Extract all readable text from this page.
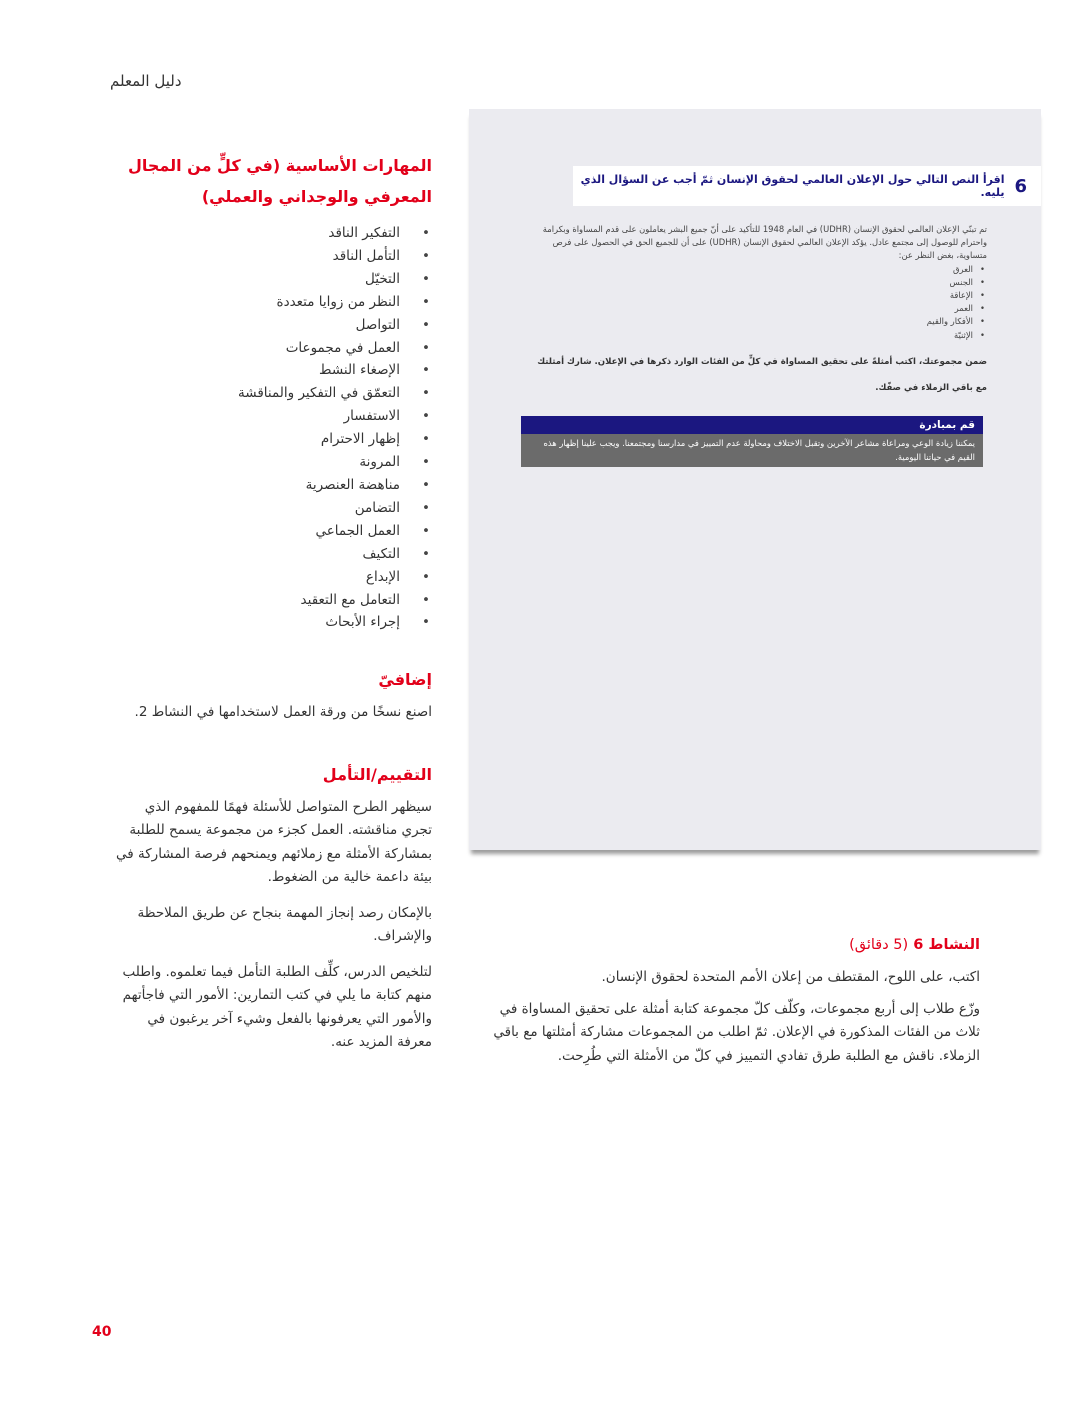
دليل المعلم
المهارات الأساسية (في كلٍّ من المجال المعرفي والوجداني والعملي)
• التفكير الناقد
• التأمل الناقد
• التخيّل
• النظر من زوايا متعددة
• التواصل
• العمل في مجموعات
• الإصغاء النشط
• التعمّق في التفكير والمناقشة
• الاستفسار
• إظهار الاحترام
• المرونة
• مناهضة العنصرية
• التضامن
• العمل الجماعي
• التكيف
• الإبداع
• التعامل مع التعقيد
• إجراء الأبحاث
إضافيّ

اصنع نسخًا من ورقة العمل لاستخدامها في النشاط 2.

التقييم/التأمل

سيظهر الطرح المتواصل للأسئلة فهمًا للمفهوم الذي تجري مناقشته. العمل كجزء من مجموعة يسمح للطلبة بمشاركة الأمثلة مع زملائهم ويمنحهم فرصة المشاركة في بيئة داعمة خالية من الضغوط.

بالإمكان رصد إنجاز المهمة بنجاح عن طريق الملاحظة والإشراف.

لتلخيص الدرس، كلِّف الطلبة التأمل فيما تعلموه. واطلب منهم كتابة ما يلي في كتب التمارين: الأمور التي فاجأتهم والأمور التي يعرفونها بالفعل وشيء آخر يرغبون في معرفة المزيد عنه.

6
اقرأ النص التالي حول الإعلان العالمي لحقوق الإنسان ثمّ أجب عن السؤال الذي يليه.
تم تبنّي الإعلان العالمي لحقوق الإنسان (UDHR) في العام 1948 للتأكيد على أنّ جميع البشر يعاملون على قدم المساواة وبكرامة واحترام للوصول إلى مجتمع عادل. يؤكد الإعلان العالمي لحقوق الإنسان (UDHR) على أن للجميع الحق في الحصول على فرص متساوية، بغض النظر عن:
• العرق
• الجنس
• الإعاقة
• العمر
• الأفكار والقيم
• الإثنيّة
ضمن مجموعتك، اكتب أمثلةً على تحقيق المساواة في كلٍّ من الفئات الوارد ذكرها في الإعلان. شارك أمثلتك مع باقي الزملاء في صفّك.
قم بمبادرة
يمكننا زيادة الوعي ومراعاة مشاعر الآخرين وتقبل الاختلاف ومحاولة عدم التمييز في مدارسنا ومجتمعنا. ويجب علينا إظهار هذه القيم في حياتنا اليومية.
النشاط 6 (5 دقائق)

اكتب، على اللوح، المقتطف من إعلان الأمم المتحدة لحقوق الإنسان.

وزّع طلاب إلى أربع مجموعات، وكلّف كلّ مجموعة كتابة أمثلة على تحقيق المساواة في ثلاث من الفئات المذكورة في الإعلان. ثمّ اطلب من المجموعات مشاركة أمثلتها مع باقي الزملاء. ناقش مع الطلبة طرق تفادي التمييز في كلّ من الأمثلة التي طُرِحت.

40
